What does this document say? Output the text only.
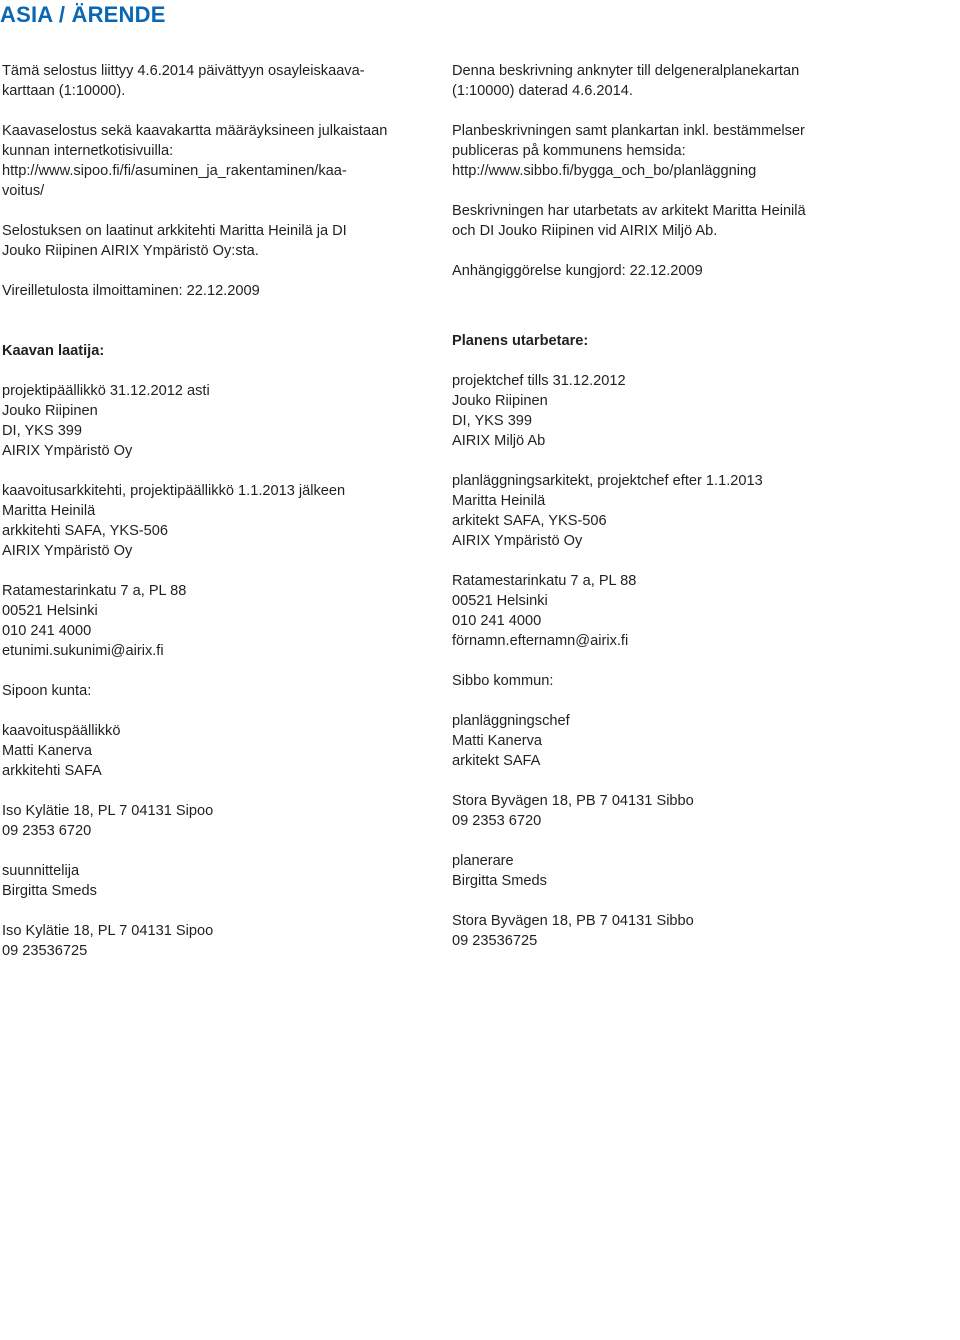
ASIA / ÄRENDE

Tämä selostus liittyy 4.6.2014 päivättyyn osayleiskaava-
karttaan (1:10000).

Kaavaselostus sekä kaavakartta määräyksineen julkaistaan
kunnan internetkotisivuilla:
http://www.sipoo.fi/fi/asuminen_ja_rakentaminen/kaa-
voitus/

Selostuksen on laatinut arkkitehti Maritta Heinilä ja DI
Jouko Riipinen AIRIX Ympäristö Oy:sta.

Vireilletulosta ilmoittaminen: 22.12.2009

Denna beskrivning anknyter till delgeneralplanekartan
(1:10000) daterad 4.6.2014.

Planbeskrivningen samt plankartan inkl. bestämmelser
publiceras på kommunens hemsida:
http://www.sibbo.fi/bygga_och_bo/planläggning

Beskrivningen har utarbetats av arkitekt Maritta Heinilä
och DI Jouko Riipinen vid AIRIX Miljö Ab.

Anhängiggörelse kungjord: 22.12.2009

Kaavan laatija:

projektipäällikkö 31.12.2012 asti
Jouko Riipinen
DI, YKS 399
AIRIX Ympäristö Oy

kaavoitusarkkitehti, projektipäällikkö 1.1.2013 jälkeen
Maritta Heinilä
arkkitehti SAFA, YKS-506
AIRIX Ympäristö Oy

Ratamestarinkatu 7 a, PL 88
00521 Helsinki
010 241 4000
etunimi.sukunimi@airix.fi

Sipoon kunta:

kaavoituspäällikkö
Matti Kanerva
arkkitehti SAFA

Iso Kylätie 18, PL 7 04131 Sipoo
09 2353 6720

suunnittelija
Birgitta Smeds

Iso Kylätie 18, PL 7 04131 Sipoo
09 23536725

Planens utarbetare:

projektchef tills 31.12.2012
Jouko Riipinen
DI, YKS 399
AIRIX Miljö Ab

planläggningsarkitekt, projektchef efter 1.1.2013
Maritta Heinilä
arkitekt SAFA, YKS-506
AIRIX Ympäristö Oy

Ratamestarinkatu 7 a, PL 88
00521 Helsinki
010 241 4000
förnamn.efternamn@airix.fi

Sibbo kommun:

planläggningschef
Matti Kanerva
arkitekt SAFA

Stora Byvägen 18, PB 7 04131 Sibbo
09 2353 6720

planerare
Birgitta Smeds

Stora Byvägen 18, PB 7 04131 Sibbo
09 23536725
